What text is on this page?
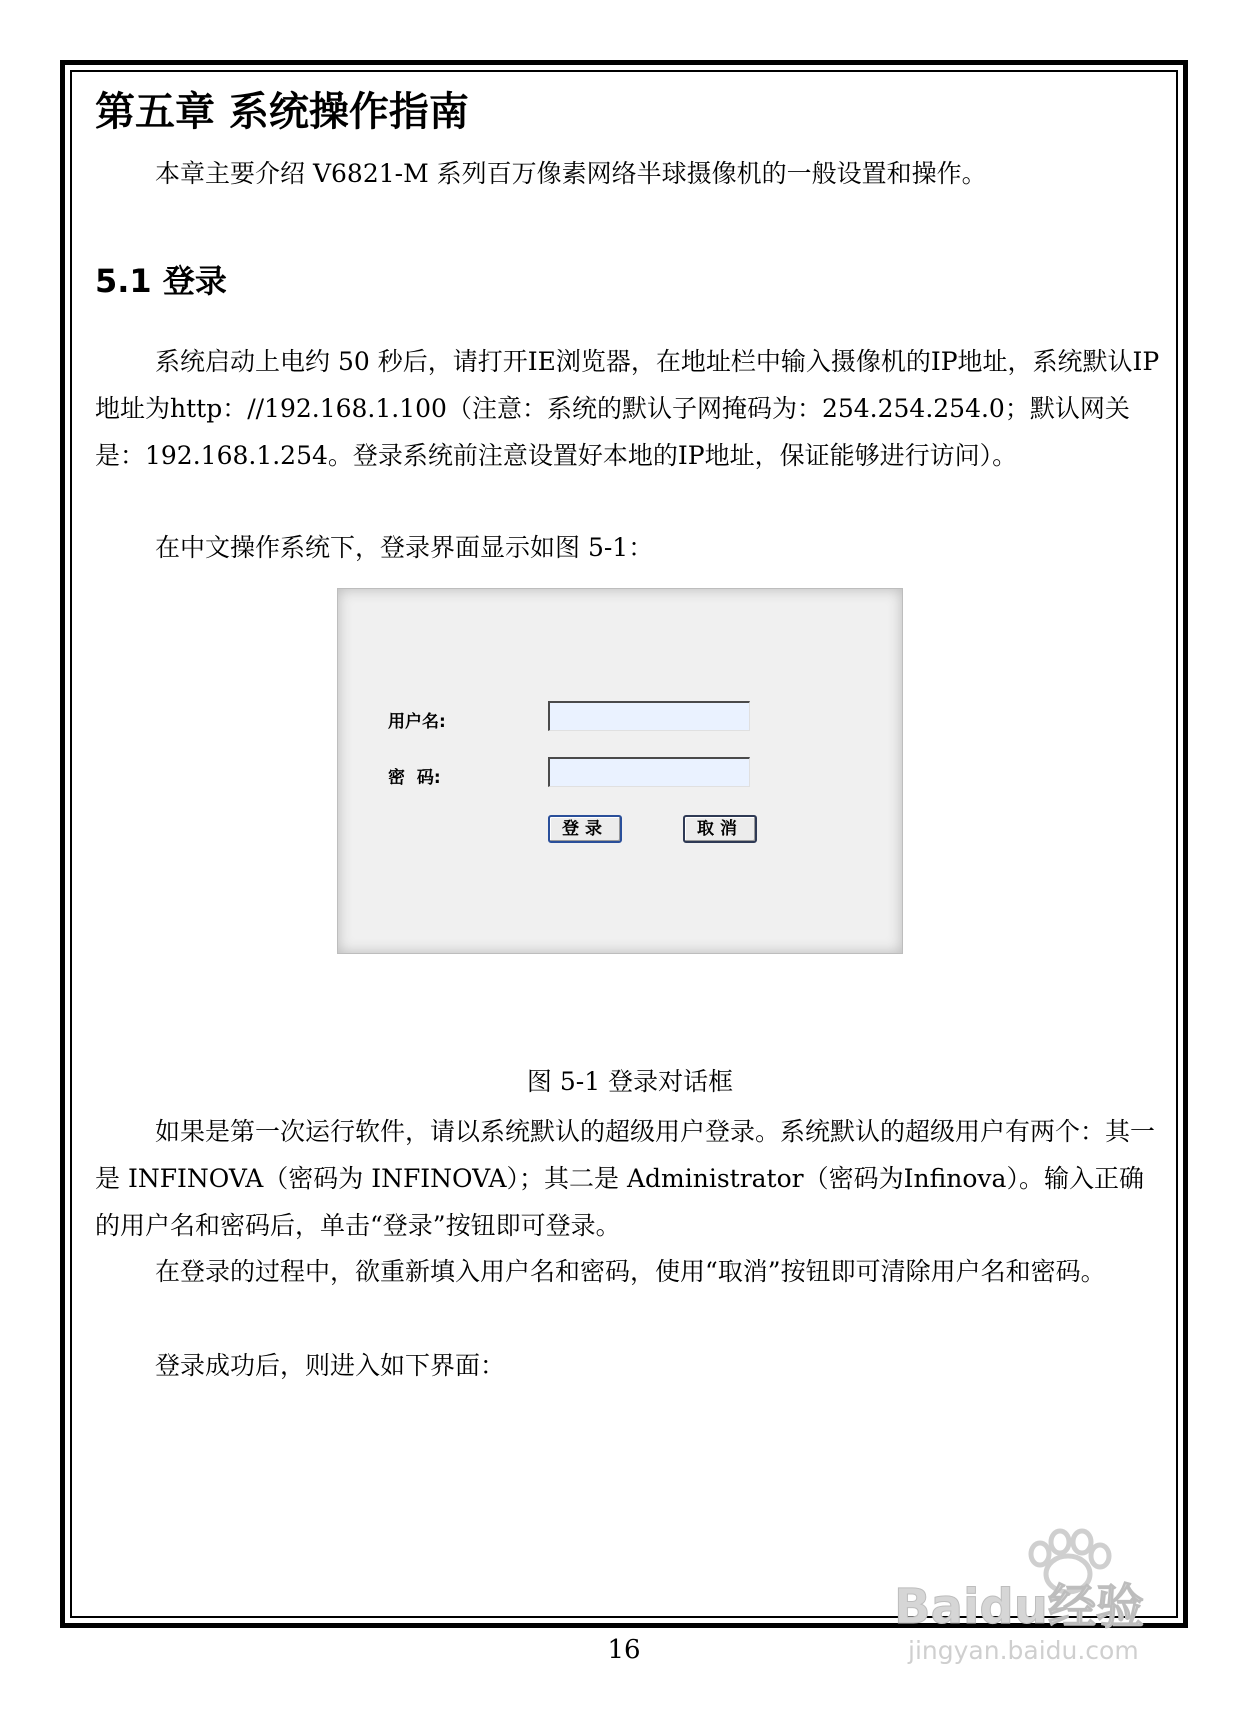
第五章 系统操作指南

本章主要介绍 V6821-M 系列百万像素网络半球摄像机的一般设置和操作。

5.1 登录

系统启动上电约 50 秒后，请打开IE浏览器，在地址栏中输入摄像机的IP地址，系统默认IP地址为http：//192.168.1.100（注意：系统的默认子网掩码为：254.254.254.0；默认网关是：192.168.1.254。登录系统前注意设置好本地的IP地址，保证能够进行访问）。

在中文操作系统下，登录界面显示如图 5-1：

图 5-1 登录对话框

如果是第一次运行软件，请以系统默认的超级用户登录。系统默认的超级用户有两个：其一是 INFINOVA（密码为 INFINOVA）；其二是 Administrator（密码为Infinova）。输入正确的用户名和密码后，单击“登录”按钮即可登录。

在登录的过程中，欲重新填入用户名和密码，使用“取消”按钮即可清除用户名和密码。

登录成功后，则进入如下界面：

用户名:
密  码:
登录	取消
16
Baidu经验
jingyan.baidu.com
